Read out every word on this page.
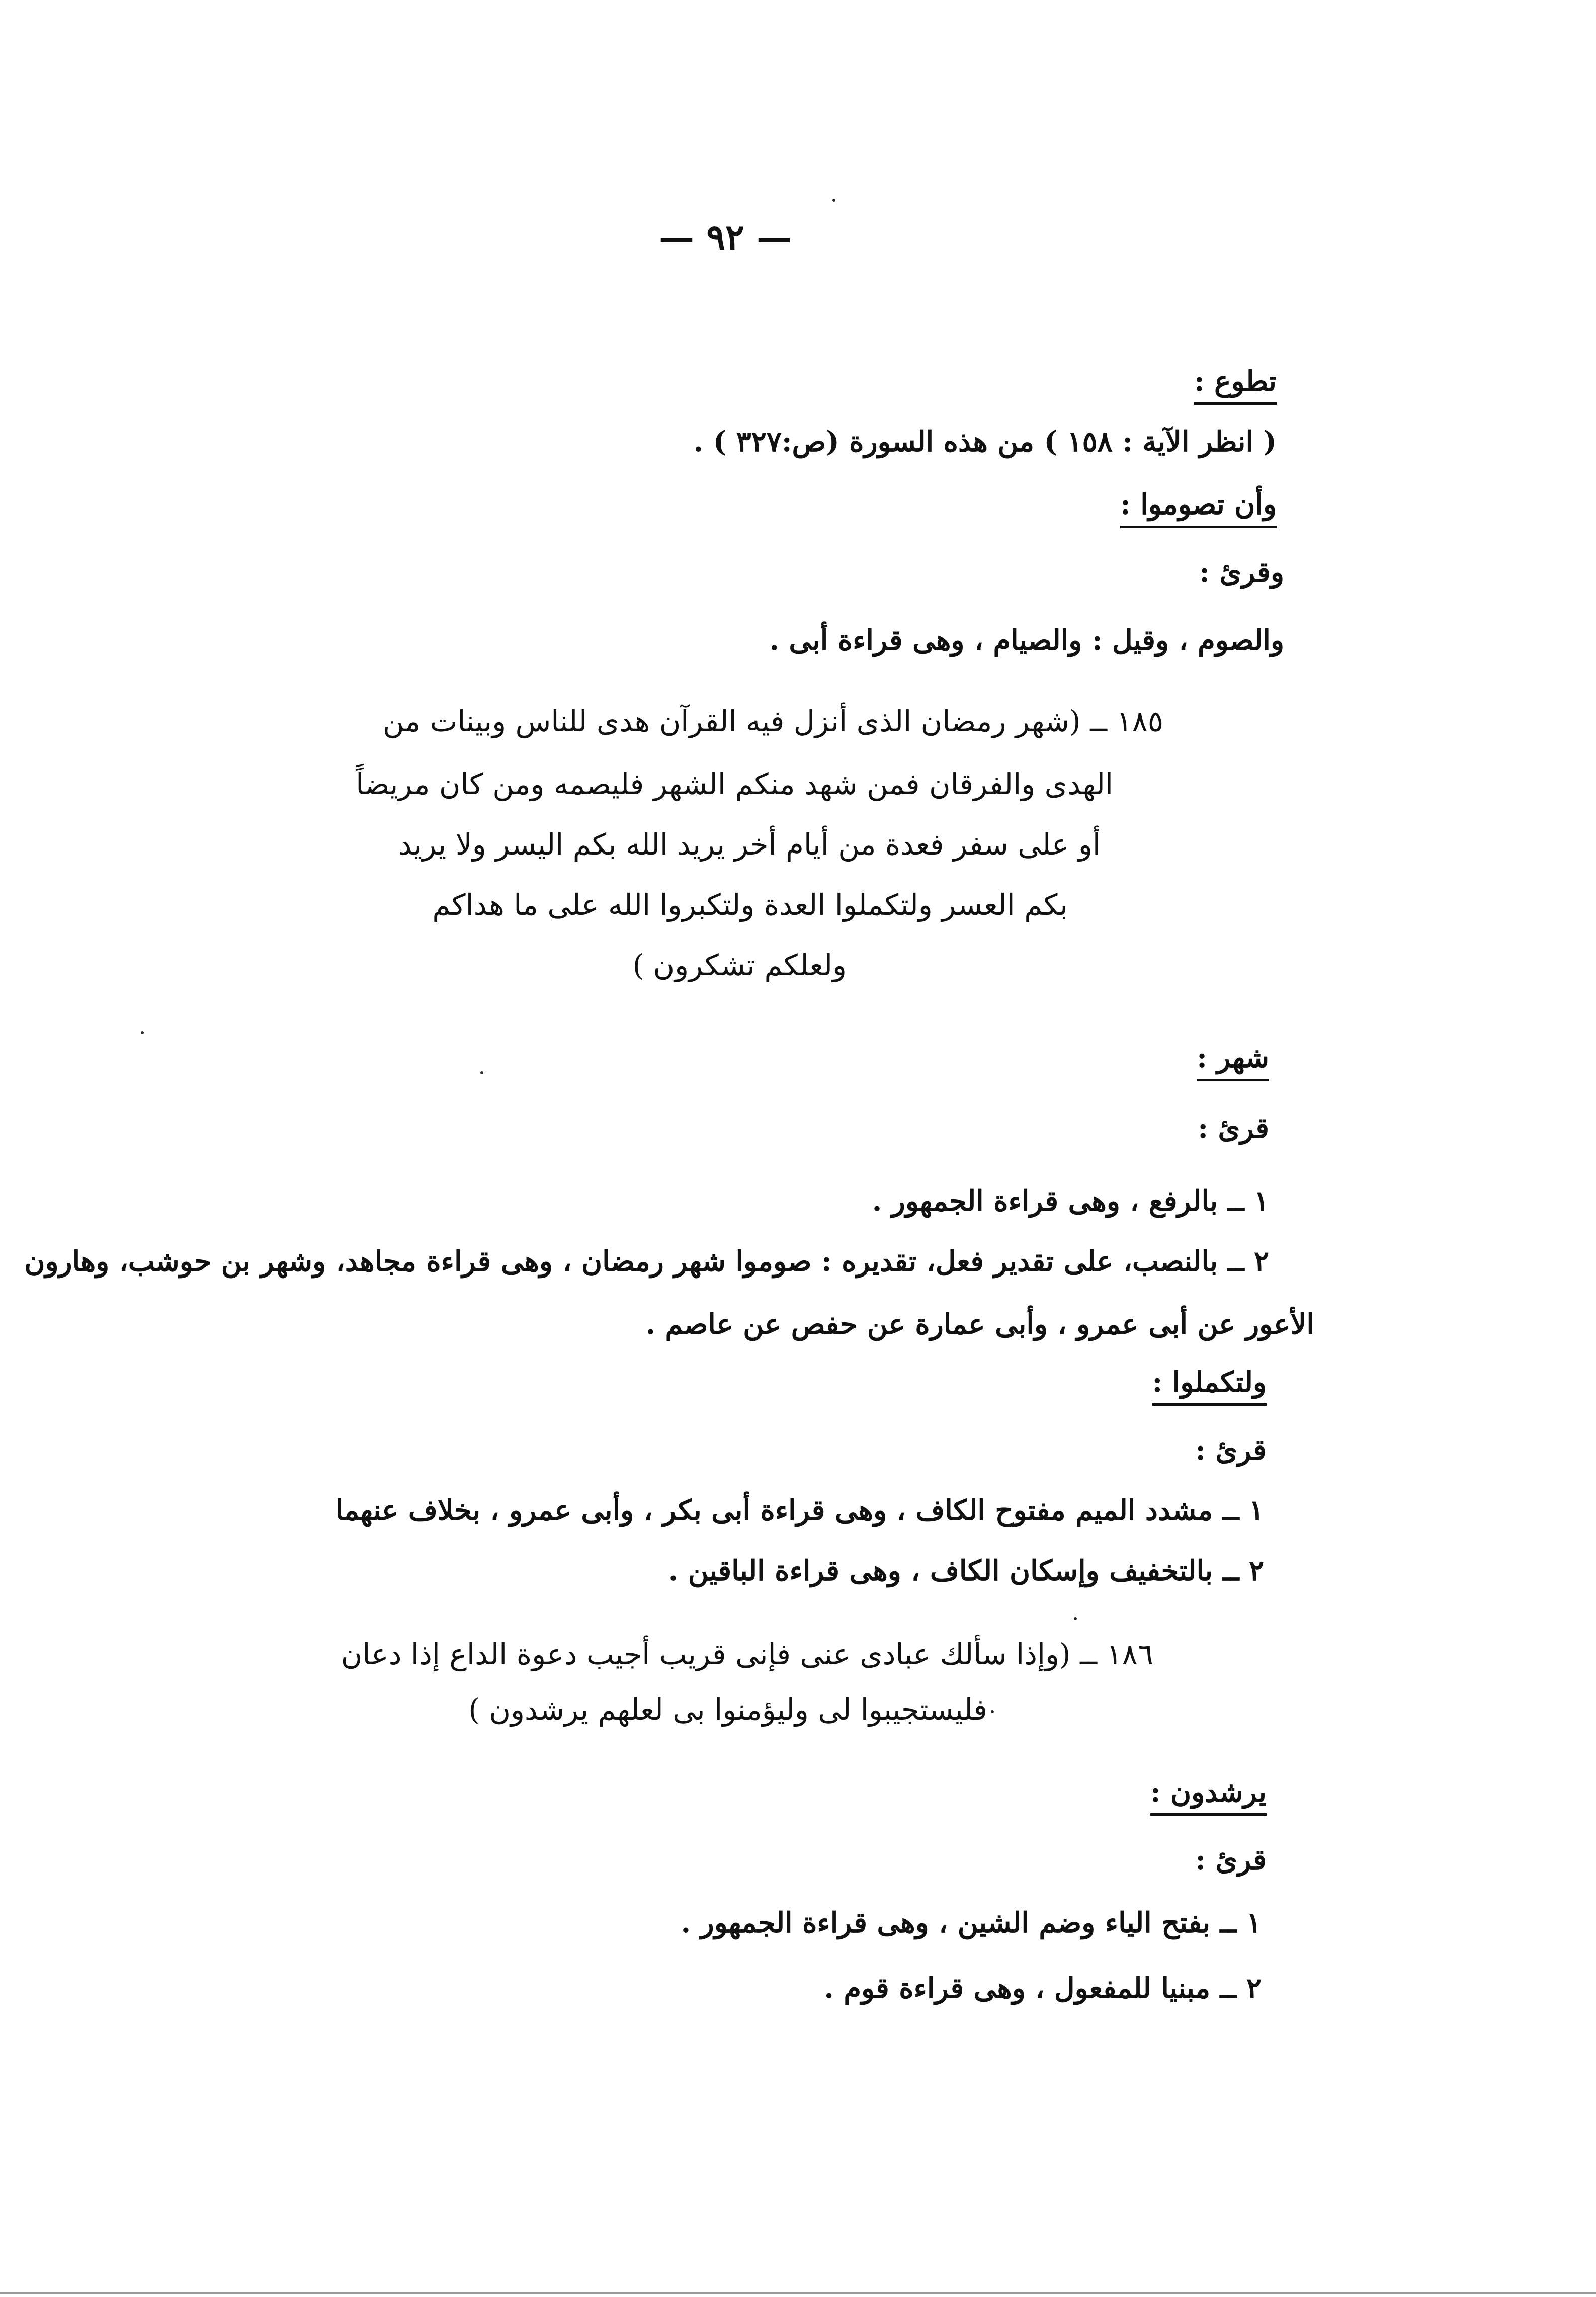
— ٩٢ —
تطوع :
( انظر الآية : ١٥٨ ) من هذه السورة (ص:٣٢٧ ) .
وأن تصوموا :
وقرئ :
والصوم ، وقيل : والصيام ، وهى قراءة أبى .
١٨٥ ــ (شهر رمضان الذى أنزل فيه القرآن هدى للناس وبينات من
الهدى والفرقان فمن شهد منكم الشهر فليصمه ومن كان مريضاً
أو على سفر فعدة من أيام أخر يريد الله بكم اليسر ولا يريد
بكم العسر ولتكملوا العدة ولتكبروا الله على ما هداكم
ولعلكم تشكرون )
شهر :
قرئ :
١ ــ بالرفع ، وهى قراءة الجمهور .
٢ ــ بالنصب، على تقدير فعل، تقديره : صوموا شهر رمضان ، وهى قراءة مجاهد، وشهر بن حوشب، وهارون
الأعور عن أبى عمرو ، وأبى عمارة عن حفص عن عاصم .
ولتكملوا :
قرئ :
١ ــ مشدد الميم مفتوح الكاف ، وهى قراءة أبى بكر ، وأبى عمرو ، بخلاف عنهما
٢ ــ بالتخفيف وإسكان الكاف ، وهى قراءة الباقين .
١٨٦ ــ (وإذا سألك عبادى عنى فإنى قريب أجيب دعوة الداع إذا دعان
فليستجيبوا لى وليؤمنوا بى لعلهم يرشدون )
يرشدون :
قرئ :
١ ــ بفتح الياء وضم الشين ، وهى قراءة الجمهور .
٢ ــ مبنيا للمفعول ، وهى قراءة قوم .
